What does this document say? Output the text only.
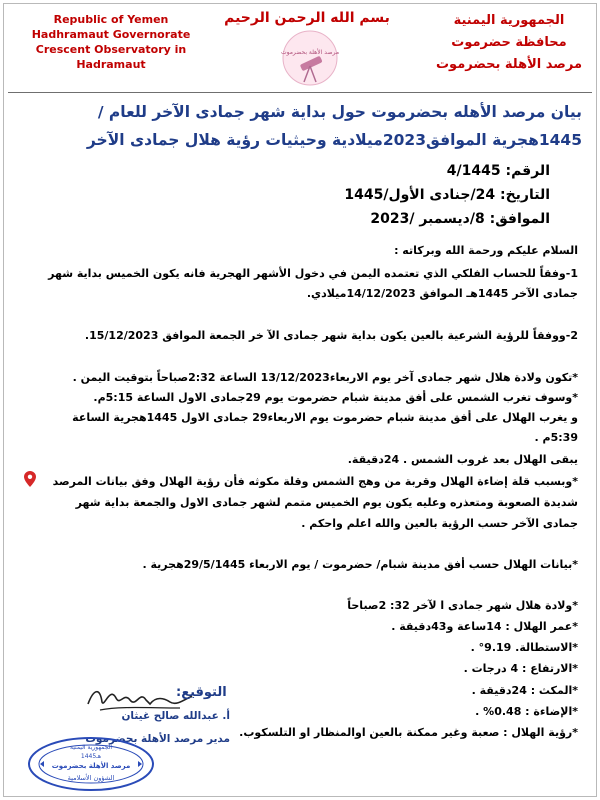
Republic of Yemen
Hadhramaut Governorate
Crescent Observatory in
Hadramaut
بسم الله الرحمن الرحيم
مرصد الأهلة بحضرموت
الجمهورية اليمنية
محافظة حضرموت
مرصد الأهلة بحضرموت
بيان مرصد الأهله بحضرموت حول بداية شهر جمادى الآخر للعام /
1445هجرية الموافق2023ميلادية وحيثيات رؤية هلال جمادى الآخر
الرقم: 4/1445
التاريخ: 24/جنادى الأول/1445
الموافق: 8/ديسمبر /2023
السلام عليكم ورحمة الله وبركاته :
1-وفقاً للحساب الفلكي الذي تعتمده اليمن في دخول الأشهر الهجرية فانه يكون الخميس بداية شهر
جمادى الآخر 1445هـ الموافق 14/12/2023ميلادي.
2-ووفقاً للرؤية الشرعية بالعين يكون بداية شهر جمادى الآ خر الجمعة الموافق 15/12/2023.
*تكون ولادة هلال شهر جمادى آخر يوم الاربعاء13/12/2023 الساعة 2:32صباحاً بتوقيت اليمن .
*وسوف تغرب الشمس على أفق مدينة شبام حضرموت يوم 29جمادى الاول الساعة 5:15م.
و يغرب الهلال على أفق مدينة شبام حضرموت يوم الاربعاء29 جمادى الاول 1445هجرية الساعة
5:39م .
يبقى الهلال بعد غروب الشمس . 24دقيقة.
*وبسبب قلة إضاءة الهلال وقربة من وهج الشمس وقلة مكوثه فأن رؤية الهلال وفق بيانات المرصد
شديدة الصعوبة ومتعذره وعليه يكون يوم الخميس متمم لشهر جمادى الاول والجمعة بداية شهر
جمادى الآخر حسب الرؤية بالعين والله اعلم واحكم .
*بيانات الهلال حسب أفق مدينة شبام/ حضرموت / يوم الاربعاء 29/5/1445هجرية .
*ولادة هلال شهر جمادى ا لآخر 32: 2صباحاً
*عمر الهلال : 14ساعة و43دقيقة .
*الاستطالة. 9.19° .
*الارتفاع : 4 درجات .
*المكث : 24دقيقة .
*الإضاءة : 0.48% .
*رؤية الهلال : صعبة وغير ممكنة بالعين اوالمنظار او التلسكوب.
التوقيع:
أ. عبدالله صالح غيثان
مدير مرصد الأهلة بحضرموت
الجمهورية اليمنية
1445هـ
مرصد الأهلة بحضرموت
الشؤون الأسلامية
